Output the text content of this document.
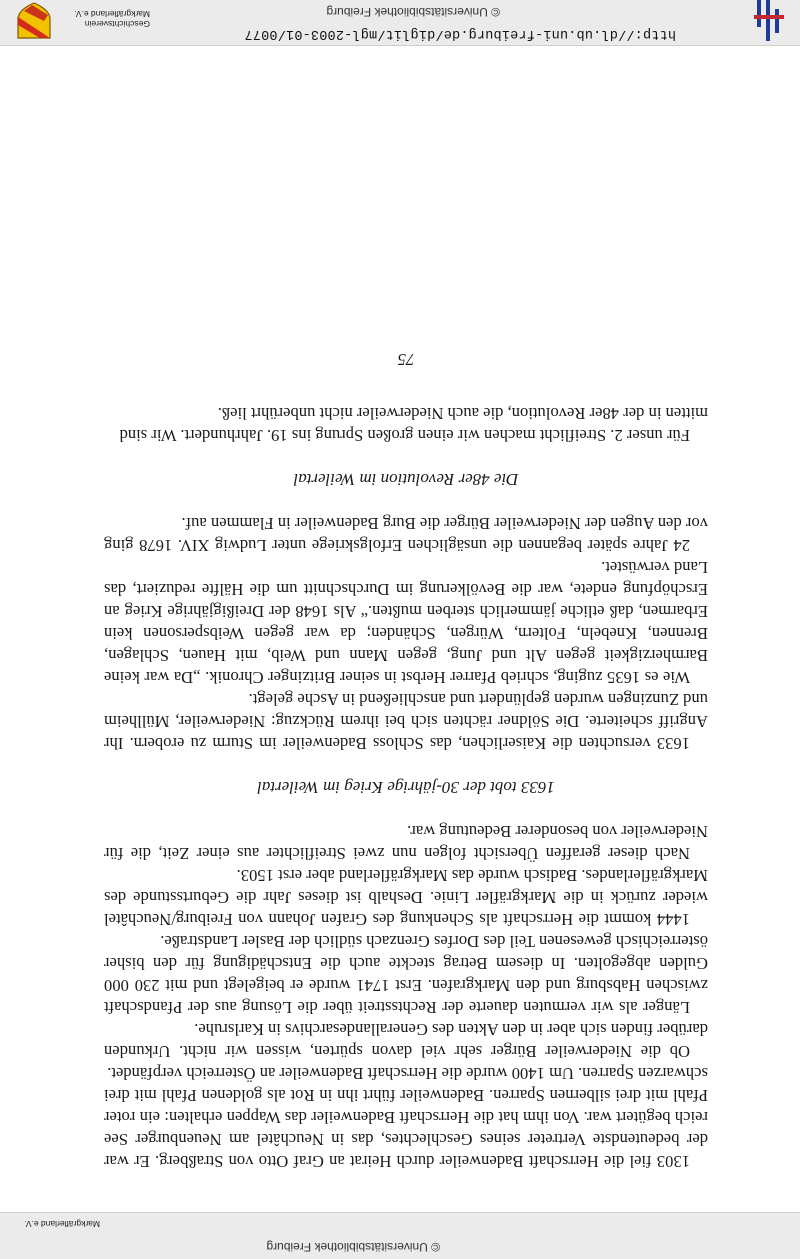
© Universitätsbibliothek Freiburg
Markgräflerland e.V.

1303 fiel die Herrschaft Badenweiler durch Heirat an Graf Otto von Straßberg. Er war der bedeutendste Vertreter seines Geschlechtes, das in Neuchâtel am Neuenburger See reich begütert war. Von ihm hat die Herrschaft Badenweiler das Wappen erhalten: ein roter Pfahl mit drei silbernen Sparren. Badenweiler führt ihn in Rot als goldenen Pfahl mit drei schwarzen Sparren. Um 1400 wurde die Herrschaft Badenweiler an Österreich verpfändet.

Ob die Niederweiler Bürger sehr viel davon spürten, wissen wir nicht. Urkunden darüber finden sich aber in den Akten des Generallandesarchivs in Karlsruhe.

Länger als wir vermuten dauerte der Rechtsstreit über die Lösung aus der Pfandschaft zwischen Habsburg und den Markgrafen. Erst 1741 wurde er beigelegt und mit 230 000 Gulden abgegolten. In diesem Betrag steckte auch die Entschädigung für den bisher österreichisch gewesenen Teil des Dorfes Grenzach südlich der Basler Landstraße.

1444 kommt die Herrschaft als Schenkung des Grafen Johann von Freiburg/Neuchâtel wieder zurück in die Markgräfler Linie. Deshalb ist dieses Jahr die Geburtsstunde des Markgräflerlandes. Badisch wurde das Markgräflerland aber erst 1503.

Nach dieser geraffen Übersicht folgen nun zwei Streiflichter aus einer Zeit, die für Niederweiler von besonderer Bedeutung war.

1633 tobt der 30-jährige Krieg im Weilertal

1633 versuchten die Kaiserlichen, das Schloss Badenweiler im Sturm zu erobern. Ihr Angriff scheiterte. Die Söldner rächten sich bei ihrem Rückzug: Niederweiler, Müllheim und Zunzingen wurden geplündert und anschließend in Asche gelegt.

Wie es 1635 zuging, schrieb Pfarrer Herbst in seiner Britzinger Chronik. „Da war keine Barmherzigkeit gegen Alt und Jung, gegen Mann und Weib, mit Hauen, Schlagen, Brennen, Knebeln, Foltern, Würgen, Schänden; da war gegen Weibspersonen kein Erbarmen, daß etliche jämmerlich sterben mußten.“ Als 1648 der Dreißigjährige Krieg an Erschöpfung endete, war die Bevölkerung im Durchschnitt um die Hälfte reduziert, das Land verwüstet.

24 Jahre später begannen die unsäglichen Erfolgskriege unter Ludwig XIV. 1678 ging vor den Augen der Niederweiler Bürger die Burg Badenweiler in Flammen auf.

Die 48er Revolution im Weilertal

Für unser 2. Streiflicht machen wir einen großen Sprung ins 19. Jahrhundert. Wir sind mitten in der 48er Revolution, die auch Niederweiler nicht unberührt ließ.

75
© Universitätsbibliothek Freiburg
http://dl.ub.uni-freiburg.de/diglit/mgl-2003-01/0077
Geschichtsverein
Markgräflerland e.V.
